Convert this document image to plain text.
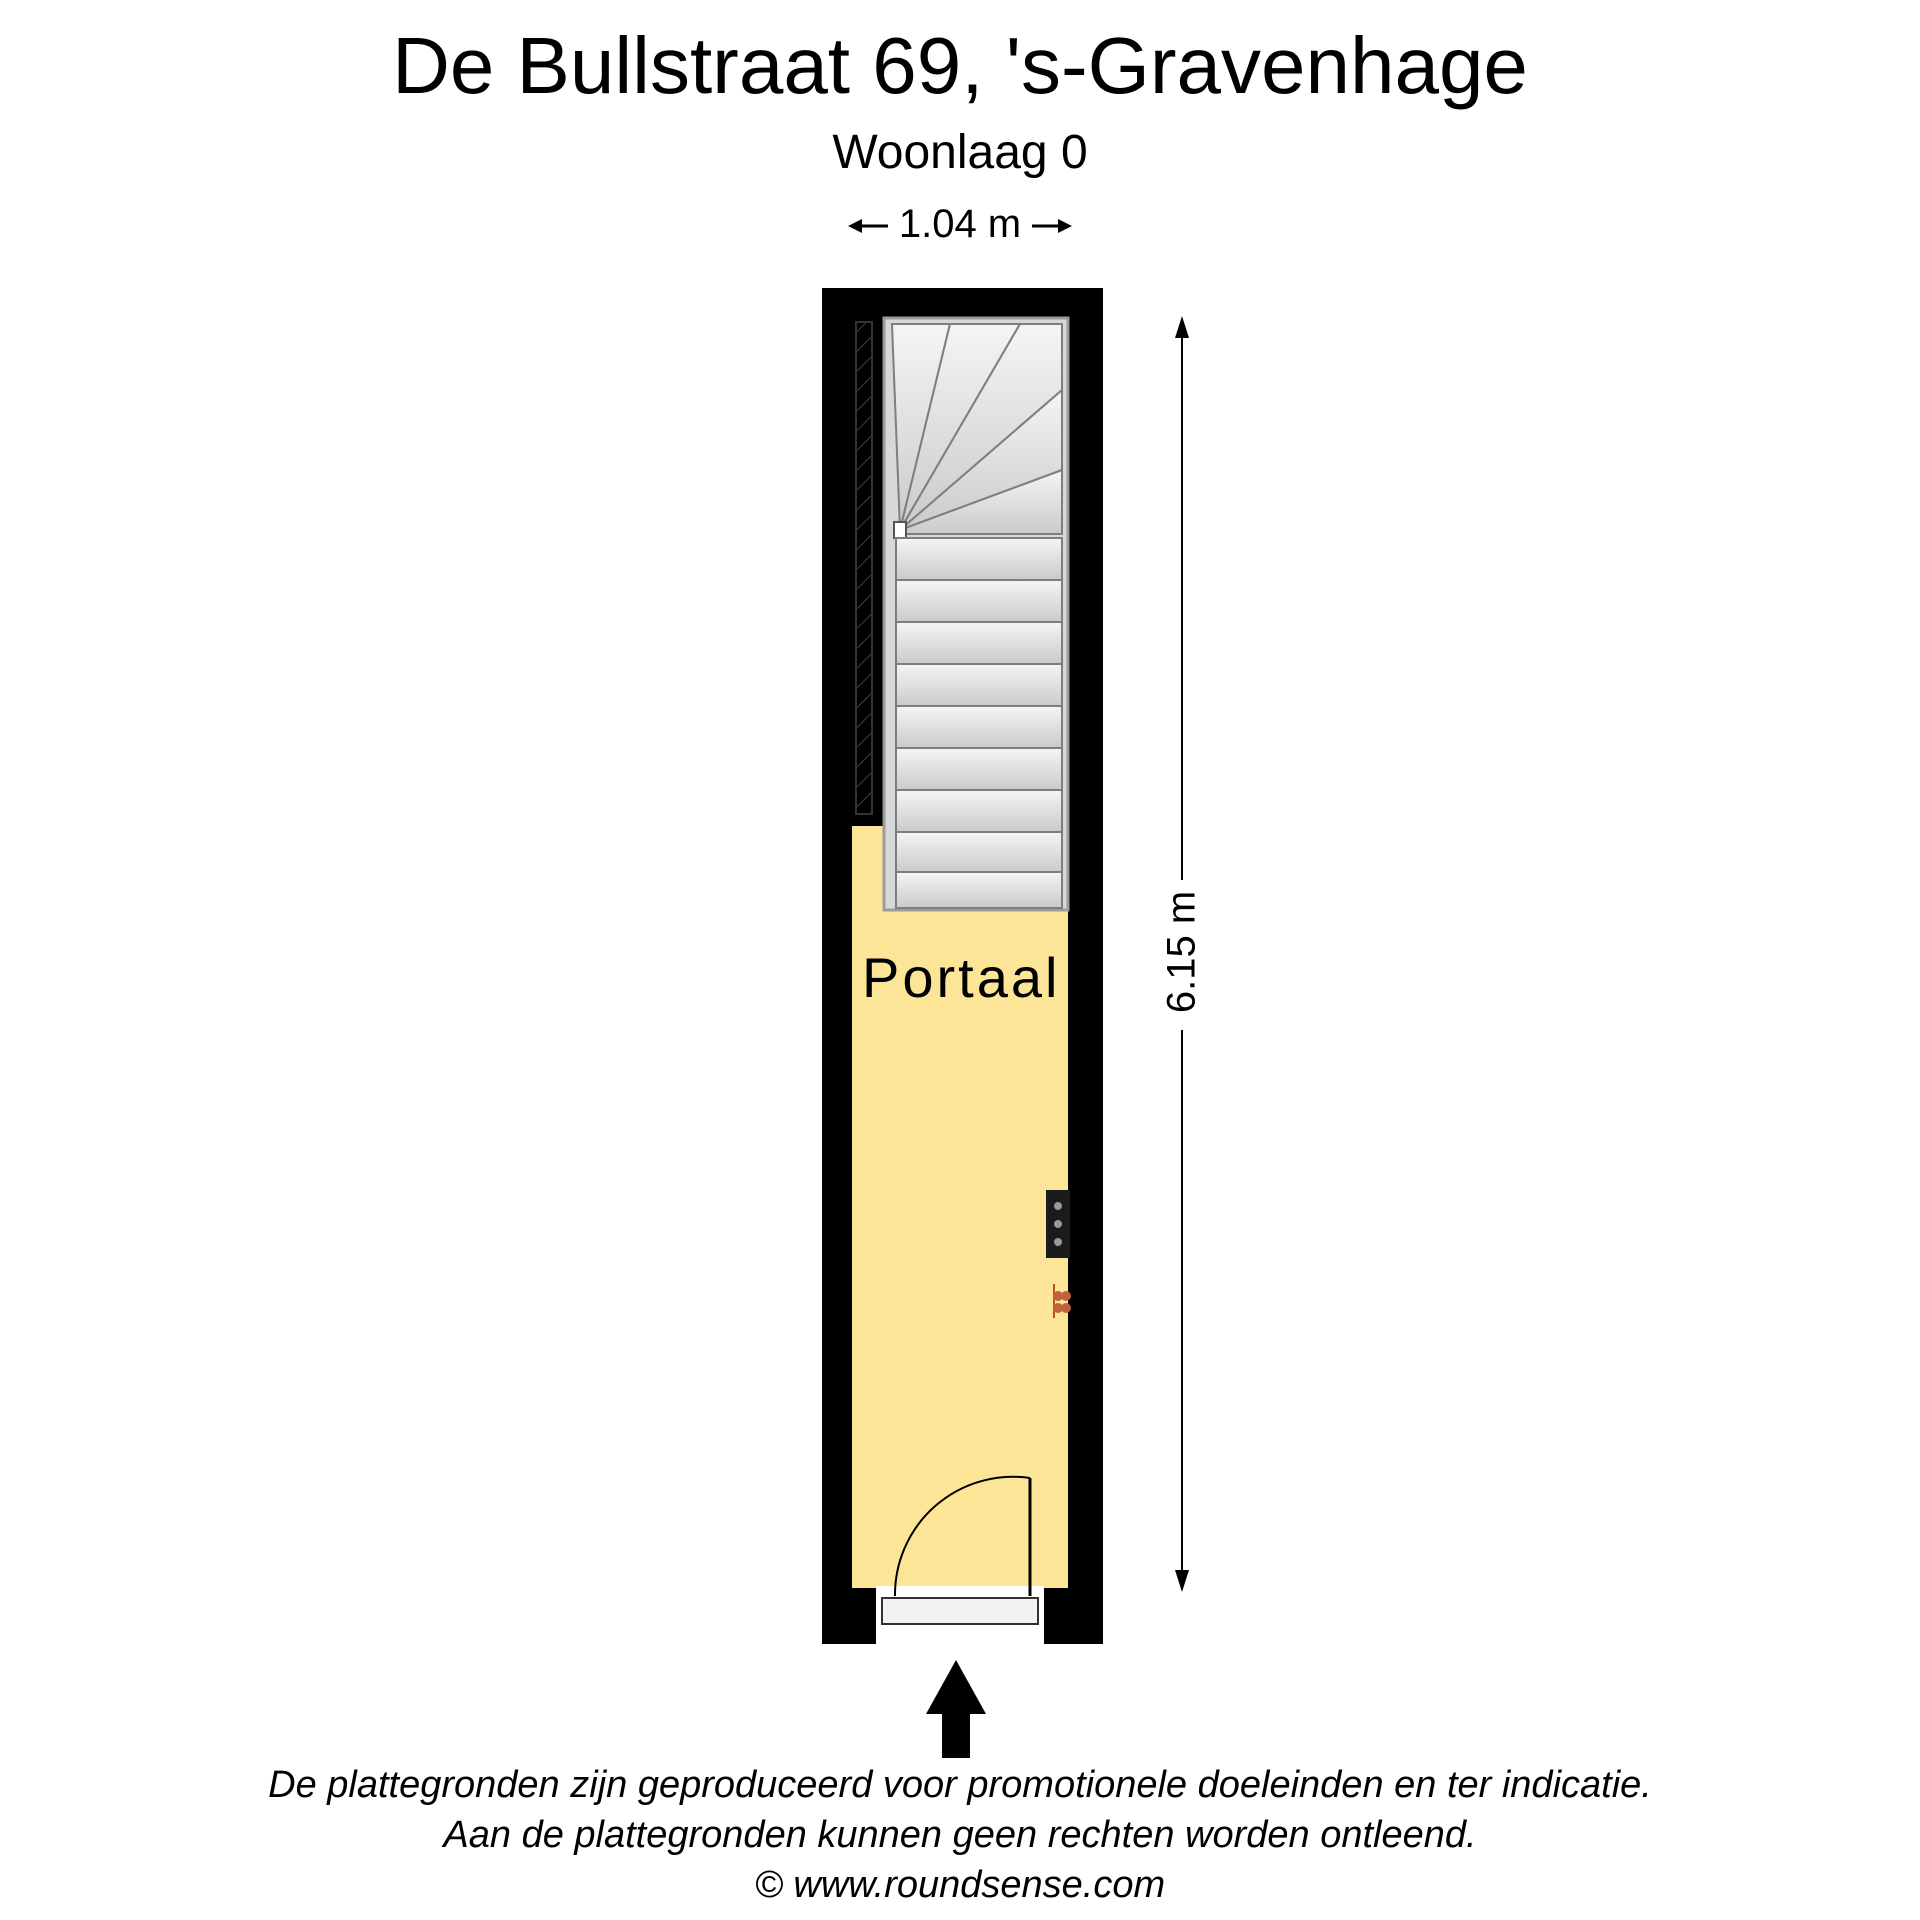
De Bullstraat 69, 's-Gravenhage
Woonlaag 0
1.04 m
6.15 m
Portaal
De plattegronden zijn geproduceerd voor promotionele doeleinden en ter indicatie.
Aan de plattegronden kunnen geen rechten worden ontleend.
© www.roundsense.com
